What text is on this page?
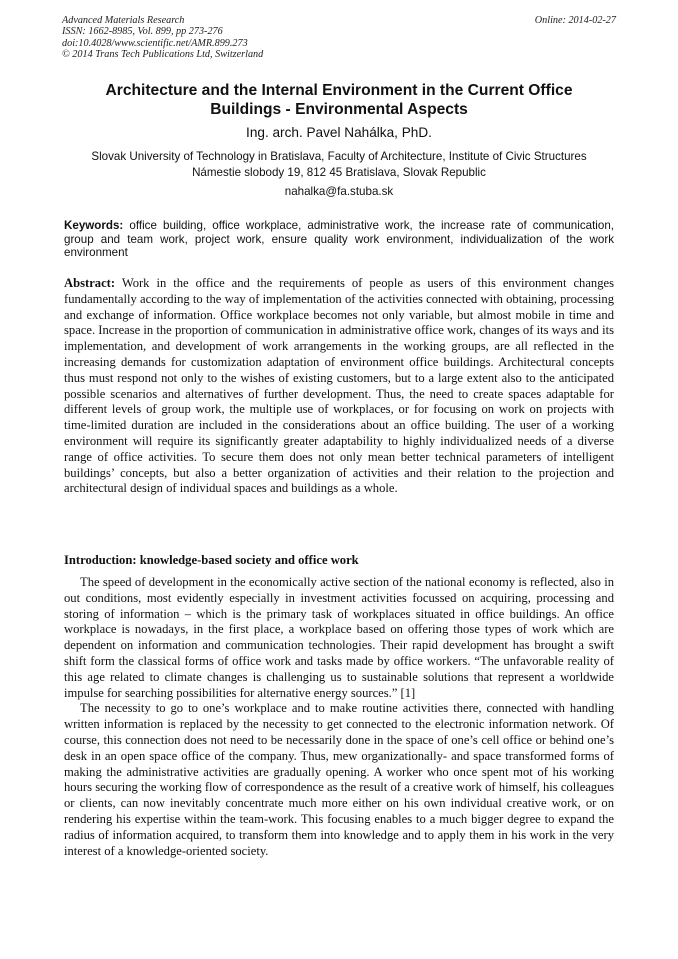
Advanced Materials Research
ISSN: 1662-8985, Vol. 899, pp 273-276
doi:10.4028/www.scientific.net/AMR.899.273
© 2014 Trans Tech Publications Ltd, Switzerland
Online: 2014-02-27
Architecture and the Internal Environment in the Current Office
Buildings - Environmental Aspects
Ing. arch. Pavel Nahálka, PhD.
Slovak University of Technology in Bratislava, Faculty of Architecture, Institute of Civic Structures
Námestie slobody 19, 812 45 Bratislava, Slovak Republic
nahalka@fa.stuba.sk
Keywords: office building, office workplace, administrative work, the increase rate of communication, group and team work, project work, ensure quality work environment, individualization of the work environment
Abstract: Work in the office and the requirements of people as users of this environment changes fundamentally according to the way of implementation of the activities connected with obtaining, processing and exchange of information. Office workplace becomes not only variable, but almost mobile in time and space. Increase in the proportion of communication in administrative office work, changes of its ways and its implementation, and development of work arrangements in the working groups, are all reflected in the increasing demands for customization adaptation of environment office buildings. Architectural concepts thus must respond not only to the wishes of existing customers, but to a large extent also to the anticipated possible scenarios and alternatives of further development. Thus, the need to create spaces adaptable for different levels of group work, the multiple use of workplaces, or for focusing on work on projects with time-limited duration are included in the considerations about an office building. The user of a working environment will require its significantly greater adaptability to highly individualized needs of a diverse range of office activities. To secure them does not only mean better technical parameters of intelligent buildings’ concepts, but also a better organization of activities and their relation to the projection and architectural design of individual spaces and buildings as a whole.
Introduction: knowledge-based society and office work

The speed of development in the economically active section of the national economy is reflected, also in out conditions, most evidently especially in investment activities focussed on acquiring, processing and storing of information – which is the primary task of workplaces situated in office buildings. An office workplace is nowadays, in the first place, a workplace based on offering those types of work which are dependent on information and communication technologies. Their rapid development has brought a swift shift form the classical forms of office work and tasks made by office workers. “The unfavorable reality of this age related to climate changes is challenging us to sustainable solutions that represent a worldwide impulse for searching possibilities for alternative energy sources.” [1]

The necessity to go to one’s workplace and to make routine activities there, connected with handling written information is replaced by the necessity to get connected to the electronic information network. Of course, this connection does not need to be necessarily done in the space of one’s cell office or behind one’s desk in an open space office of the company. Thus, mew organizationally- and space transformed forms of making the administrative activities are gradually opening. A worker who once spent mot of his working hours securing the working flow of correspondence as the result of a creative work of himself, his colleagues or clients, can now inevitably concentrate much more either on his own individual creative work, or on rendering his expertise within the team-work. This focusing enables to a much bigger degree to expand the radius of information acquired, to transform them into knowledge and to apply them in his work in the very interest of a knowledge-oriented society.
